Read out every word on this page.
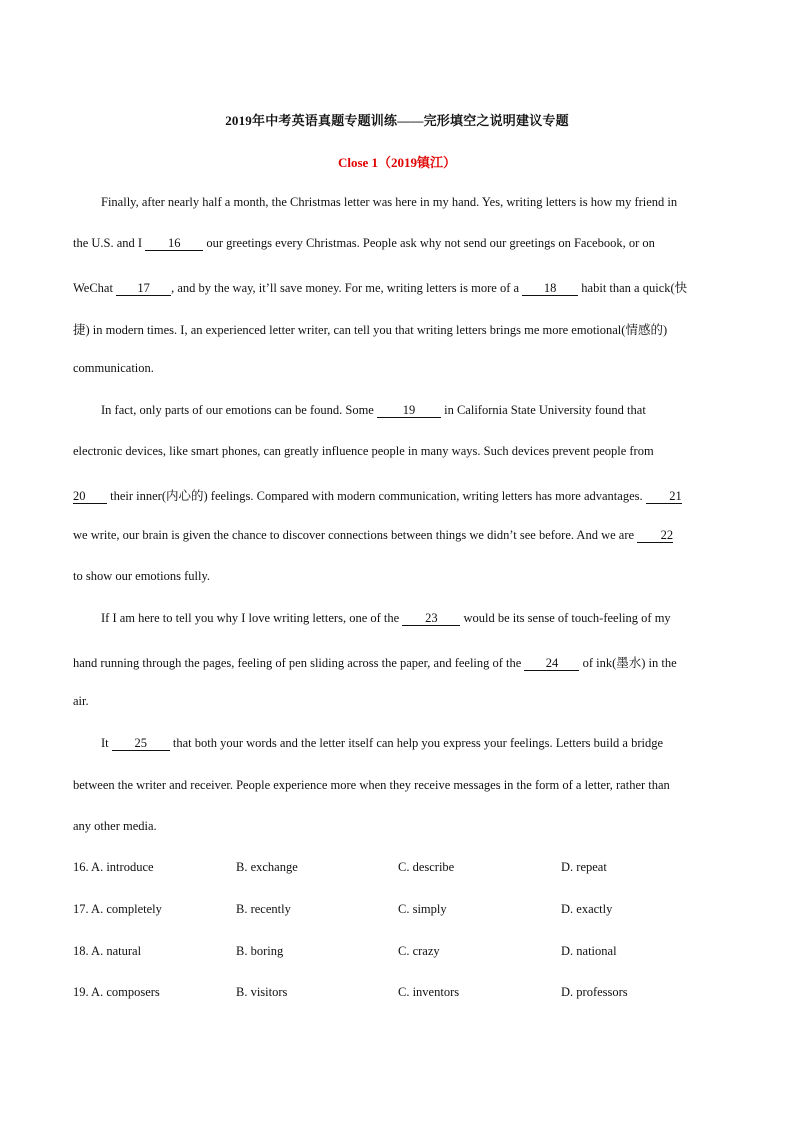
2019年中考英语真题专题训练——完形填空之说明建议专题
Close 1（2019镇江）
Finally, after nearly half a month, the Christmas letter was here in my hand. Yes, writing letters is how my friend in
the U.S. and I 16 our greetings every Christmas. People ask why not send our greetings on Facebook, or on
WeChat 17 , and by the way, it’ll save money. For me, writing letters is more of a 18 habit than a quick(快
捷) in modern times. I, an experienced letter writer, can tell you that writing letters brings me more emotional(情感的)
communication.
In fact, only parts of our emotions can be found. Some 19 in California State University found that
electronic devices, like smart phones, can greatly influence people in many ways. Such devices prevent people from
20 their inner(内心的) feelings. Compared with modern communication, writing letters has more advantages. 21
we write, our brain is given the chance to discover connections between things we didn’t see before. And we are 22
to show our emotions fully.
If I am here to tell you why I love writing letters, one of the 23 would be its sense of touch-feeling of my
hand running through the pages, feeling of pen sliding across the paper, and feeling of the 24 of ink(墨水) in the
air.
It 25 that both your words and the letter itself can help you express your feelings. Letters build a bridge
between the writer and receiver. People experience more when they receive messages in the form of a letter, rather than
any other media.
16. A. introduce	B. exchange	C. describe	D. repeat
17. A. completely	B. recently	C. simply	D. exactly
18. A. natural	B. boring	C. crazy	D. national
19. A. composers	B. visitors	C. inventors	D. professors
